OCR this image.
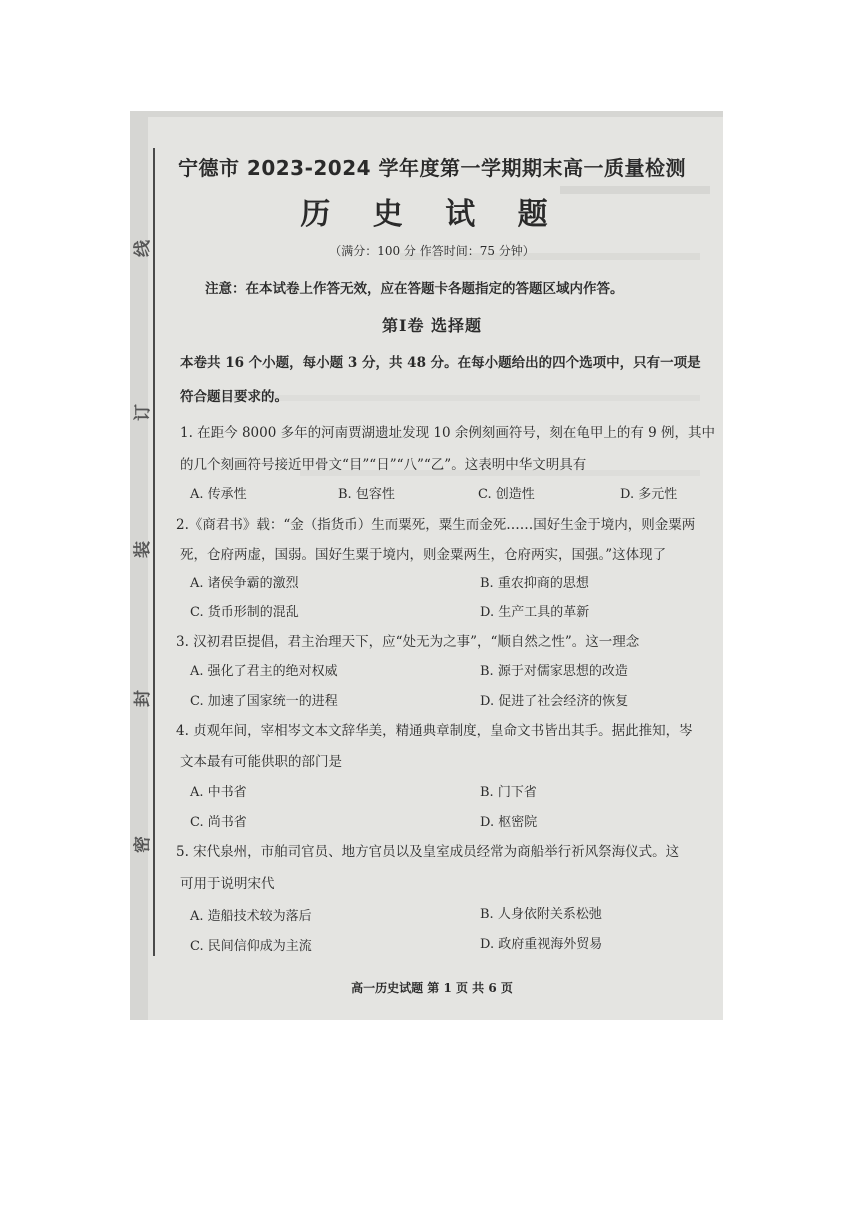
线
订
装
封
密
宁德市 2023-2024 学年度第一学期期末高一质量检测
历 史 试 题
（满分：100 分 作答时间：75 分钟）
注意：在本试卷上作答无效，应在答题卡各题指定的答题区域内作答。
第Ⅰ卷 选择题
本卷共 16 个小题，每小题 3 分，共 48 分。在每小题给出的四个选项中，只有一项是
符合题目要求的。
1. 在距今 8000 多年的河南贾湖遗址发现 10 余例刻画符号，刻在龟甲上的有 9 例，其中
的几个刻画符号接近甲骨文“目”“日”“八”“乙”。这表明中华文明具有
A. 传承性	B. 包容性	C. 创造性	D. 多元性
2.《商君书》载：“金（指货币）生而粟死，粟生而金死……国好生金于境内，则金粟两
死，仓府两虚，国弱。国好生粟于境内，则金粟两生，仓府两实，国强。”这体现了
A. 诸侯争霸的激烈	B. 重农抑商的思想
C. 货币形制的混乱	D. 生产工具的革新
3. 汉初君臣提倡，君主治理天下，应“处无为之事”，“顺自然之性”。这一理念
A. 强化了君主的绝对权威	B. 源于对儒家思想的改造
C. 加速了国家统一的进程	D. 促进了社会经济的恢复
4. 贞观年间，宰相岑文本文辞华美，精通典章制度，皇命文书皆出其手。据此推知，岑
文本最有可能供职的部门是
A. 中书省	B. 门下省
C. 尚书省	D. 枢密院
5. 宋代泉州，市舶司官员、地方官员以及皇室成员经常为商船举行祈风祭海仪式。这
可用于说明宋代
A. 造船技术较为落后	B. 人身依附关系松弛
C. 民间信仰成为主流	D. 政府重视海外贸易
高一历史试题 第 1 页 共 6 页
